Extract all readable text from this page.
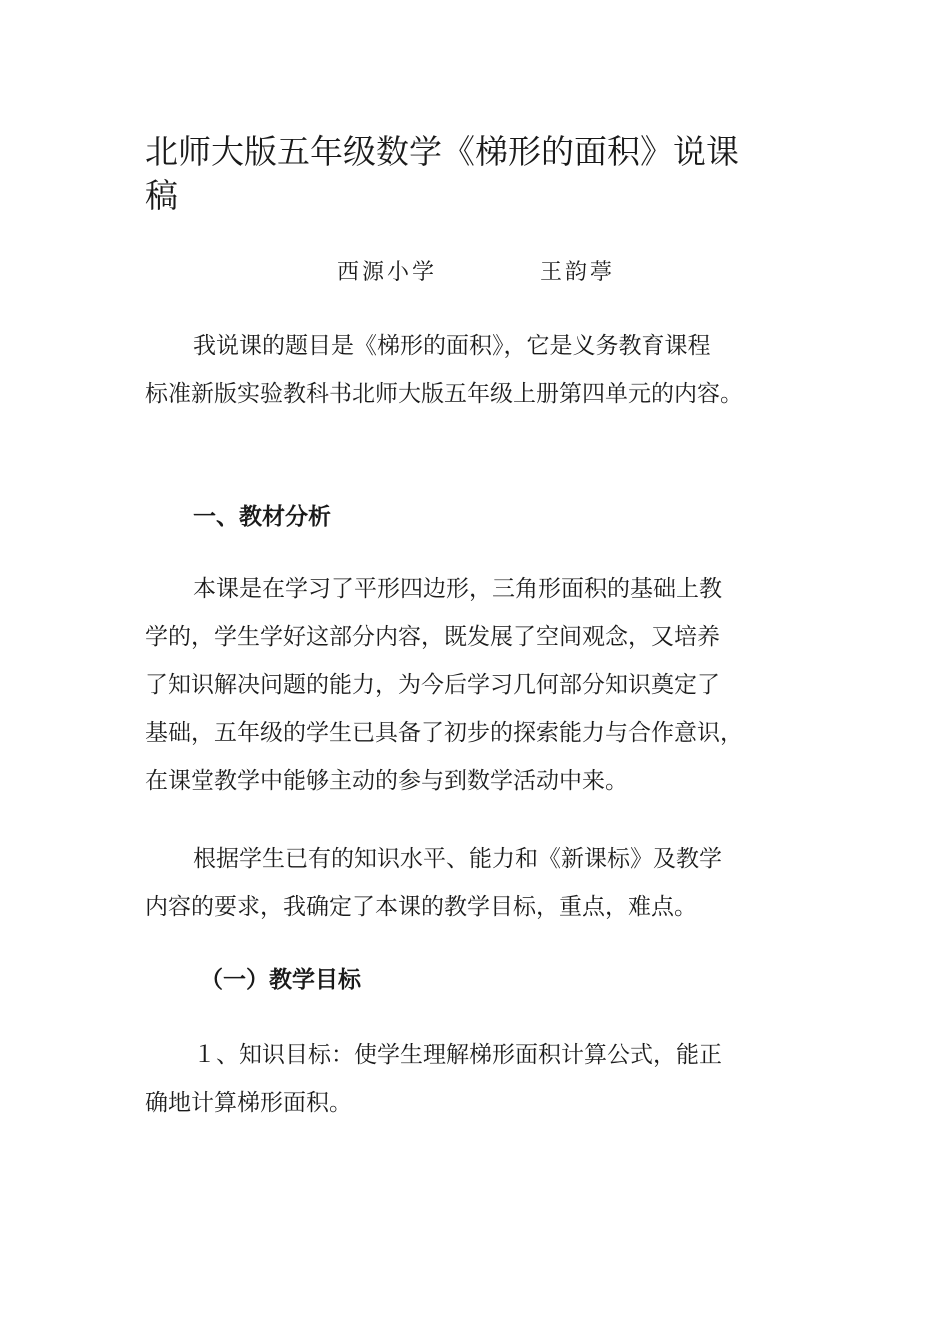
北师大版五年级数学《梯形的面积》说课
稿
西源小学	王韵葶

我说课的题目是《梯形的面积》，它是义务教育课程
标准新版实验教科书北师大版五年级上册第四单元的内容。

一、教材分析

本课是在学习了平形四边形，三角形面积的基础上教
学的，学生学好这部分内容，既发展了空间观念，又培养
了知识解决问题的能力，为今后学习几何部分知识奠定了
基础，五年级的学生已具备了初步的探索能力与合作意识，
在课堂教学中能够主动的参与到数学活动中来。

根据学生已有的知识水平、能力和《新课标》及教学
内容的要求，我确定了本课的教学目标，重点，难点。

（一）教学目标

１、知识目标：使学生理解梯形面积计算公式，能正
确地计算梯形面积。
